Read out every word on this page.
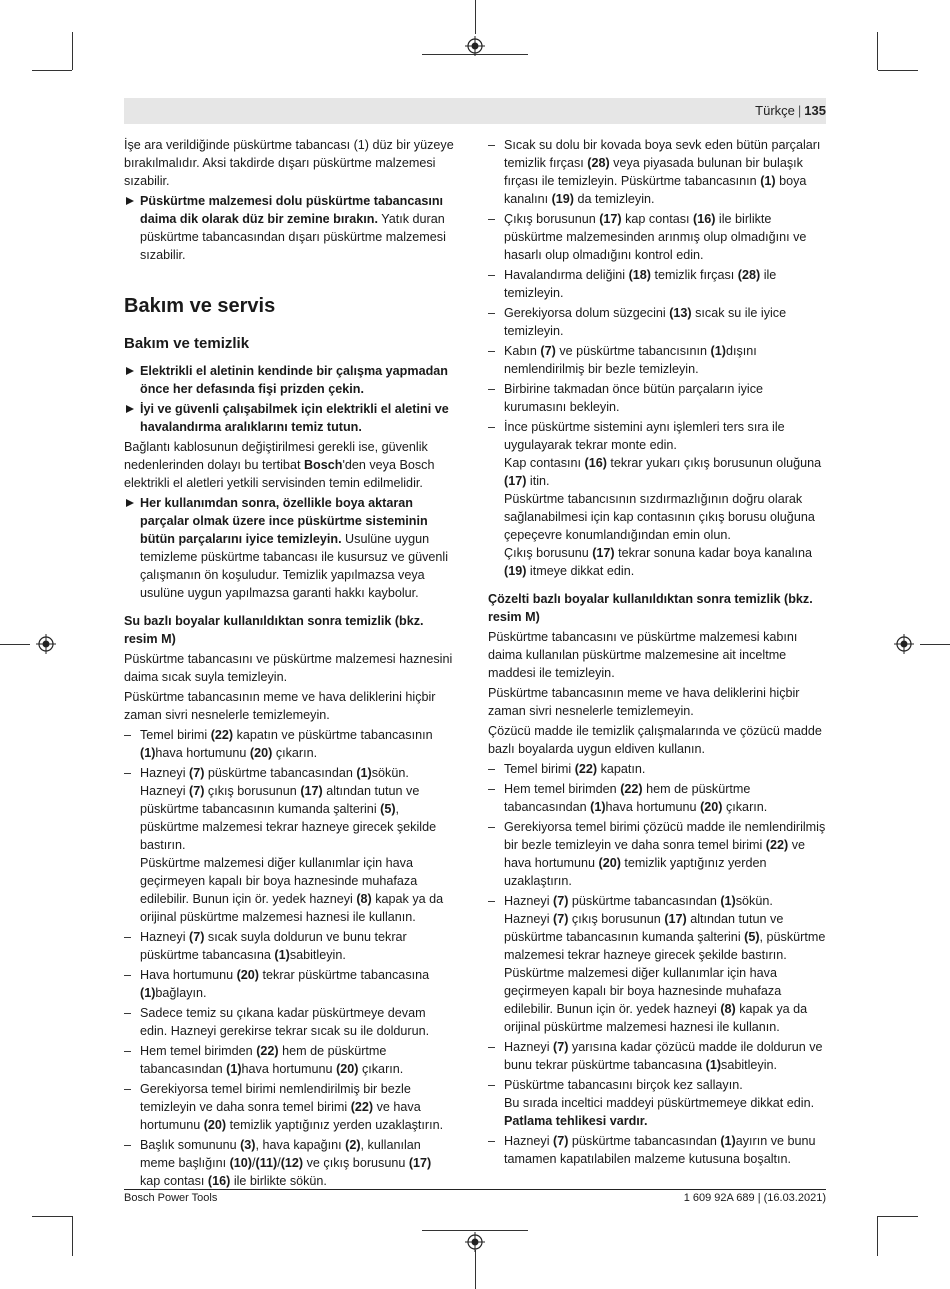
Türkçe | 135

İşe ara verildiğinde püskürtme tabancası (1) düz bir yüzeye bırakılmalıdır. Aksi takdirde dışarı püskürtme malzemesi sızabilir.

Püskürtme malzemesi dolu püskürtme tabancasını daima dik olarak düz bir zemine bırakın. Yatık duran püskürtme tabancasından dışarı püskürtme malzemesi sızabilir.
Bakım ve servis
Bakım ve temizlik
Elektrikli el aletinin kendinde bir çalışma yapmadan önce her defasında fişi prizden çekin.
İyi ve güvenli çalışabilmek için elektrikli el aletini ve havalandırma aralıklarını temiz tutun.

Bağlantı kablosunun değiştirilmesi gerekli ise, güvenlik nedenlerinden dolayı bu tertibat Bosch'den veya Bosch elektrikli el aletleri yetkili servisinden temin edilmelidir.

Her kullanımdan sonra, özellikle boya aktaran parçalar olmak üzere ince püskürtme sisteminin bütün parçalarını iyice temizleyin. Usulüne uygun temizleme püskürtme tabancası ile kusursuz ve güvenli çalışmanın ön koşuludur. Temizlik yapılmazsa veya usulüne uygun yapılmazsa garanti hakkı kaybolur.
Su bazlı boyalar kullanıldıktan sonra temizlik (bkz. resim M)

Püskürtme tabancasını ve püskürtme malzemesi haznesini daima sıcak suyla temizleyin.

Püskürtme tabancasının meme ve hava deliklerini hiçbir zaman sivri nesnelerle temizlemeyin.

– Temel birimi (22) kapatın ve püskürtme tabancasının (1)hava hortumunu (20) çıkarın.
– Hazneyi (7) püskürtme tabancasından (1)sökün.
Hazneyi (7) çıkış borusunun (17) altından tutun ve püskürtme tabancasının kumanda şalterini (5), püskürtme malzemesi tekrar hazneye girecek şekilde bastırın.
Püskürtme malzemesi diğer kullanımlar için hava geçirmeyen kapalı bir boya haznesinde muhafaza edilebilir. Bunun için ör. yedek hazneyi (8) kapak ya da orijinal püskürtme malzemesi haznesi ile kullanın.
– Hazneyi (7) sıcak suyla doldurun ve bunu tekrar püskürtme tabancasına (1)sabitleyin.
– Hava hortumunu (20) tekrar püskürtme tabancasına (1)bağlayın.
– Sadece temiz su çıkana kadar püskürtmeye devam edin. Hazneyi gerekirse tekrar sıcak su ile doldurun.
– Hem temel birimden (22) hem de püskürtme tabancasından (1)hava hortumunu (20) çıkarın.
– Gerekiyorsa temel birimi nemlendirilmiş bir bezle temizleyin ve daha sonra temel birimi (22) ve hava hortumunu (20) temizlik yaptığınız yerden uzaklaştırın.
– Başlık somununu (3), hava kapağını (2), kullanılan meme başlığını (10)/(11)/(12) ve çıkış borusunu (17) kap contası (16) ile birlikte sökün.
– Sıcak su dolu bir kovada boya sevk eden bütün parçaları temizlik fırçası (28) veya piyasada bulunan bir bulaşık fırçası ile temizleyin. Püskürtme tabancasının (1) boya kanalını (19) da temizleyin.
– Çıkış borusunun (17) kap contası (16) ile birlikte püskürtme malzemesinden arınmış olup olmadığını ve hasarlı olup olmadığını kontrol edin.
– Havalandırma deliğini (18) temizlik fırçası (28) ile temizleyin.
– Gerekiyorsa dolum süzgecini (13) sıcak su ile iyice temizleyin.
– Kabın (7) ve püskürtme tabancısının (1)dışını nemlendirilmiş bir bezle temizleyin.
– Birbirine takmadan önce bütün parçaların iyice kurumasını bekleyin.
– İnce püskürtme sistemini aynı işlemleri ters sıra ile uygulayarak tekrar monte edin.
Kap contasını (16) tekrar yukarı çıkış borusunun oluğuna (17) itin.
Püskürtme tabancısının sızdırmazlığının doğru olarak sağlanabilmesi için kap contasının çıkış borusu oluğuna çepeçevre konumlandığından emin olun.
Çıkış borusunu (17) tekrar sonuna kadar boya kanalına (19) itmeye dikkat edin.
Çözelti bazlı boyalar kullanıldıktan sonra temizlik (bkz. resim M)

Püskürtme tabancasını ve püskürtme malzemesi kabını daima kullanılan püskürtme malzemesine ait inceltme maddesi ile temizleyin.

Püskürtme tabancasının meme ve hava deliklerini hiçbir zaman sivri nesnelerle temizlemeyin.

Çözücü madde ile temizlik çalışmalarında ve çözücü madde bazlı boyalarda uygun eldiven kullanın.

– Temel birimi (22) kapatın.
– Hem temel birimden (22) hem de püskürtme tabancasından (1)hava hortumunu (20) çıkarın.
– Gerekiyorsa temel birimi çözücü madde ile nemlendirilmiş bir bezle temizleyin ve daha sonra temel birimi (22) ve hava hortumunu (20) temizlik yaptığınız yerden uzaklaştırın.
– Hazneyi (7) püskürtme tabancasından (1)sökün.
Hazneyi (7) çıkış borusunun (17) altından tutun ve püskürtme tabancasının kumanda şalterini (5), püskürtme malzemesi tekrar hazneye girecek şekilde bastırın.
Püskürtme malzemesi diğer kullanımlar için hava geçirmeyen kapalı bir boya haznesinde muhafaza edilebilir. Bunun için ör. yedek hazneyi (8) kapak ya da orijinal püskürtme malzemesi haznesi ile kullanın.
– Hazneyi (7) yarısına kadar çözücü madde ile doldurun ve bunu tekrar püskürtme tabancasına (1)sabitleyin.
– Püskürtme tabancasını birçok kez sallayın.
Bu sırada inceltici maddeyi püskürtmemeye dikkat edin.
Patlama tehlikesi vardır.
– Hazneyi (7) püskürtme tabancasından (1)ayırın ve bunu tamamen kapatılabilen malzeme kutusuna boşaltın.
Bosch Power Tools	1 609 92A 689 | (16.03.2021)
